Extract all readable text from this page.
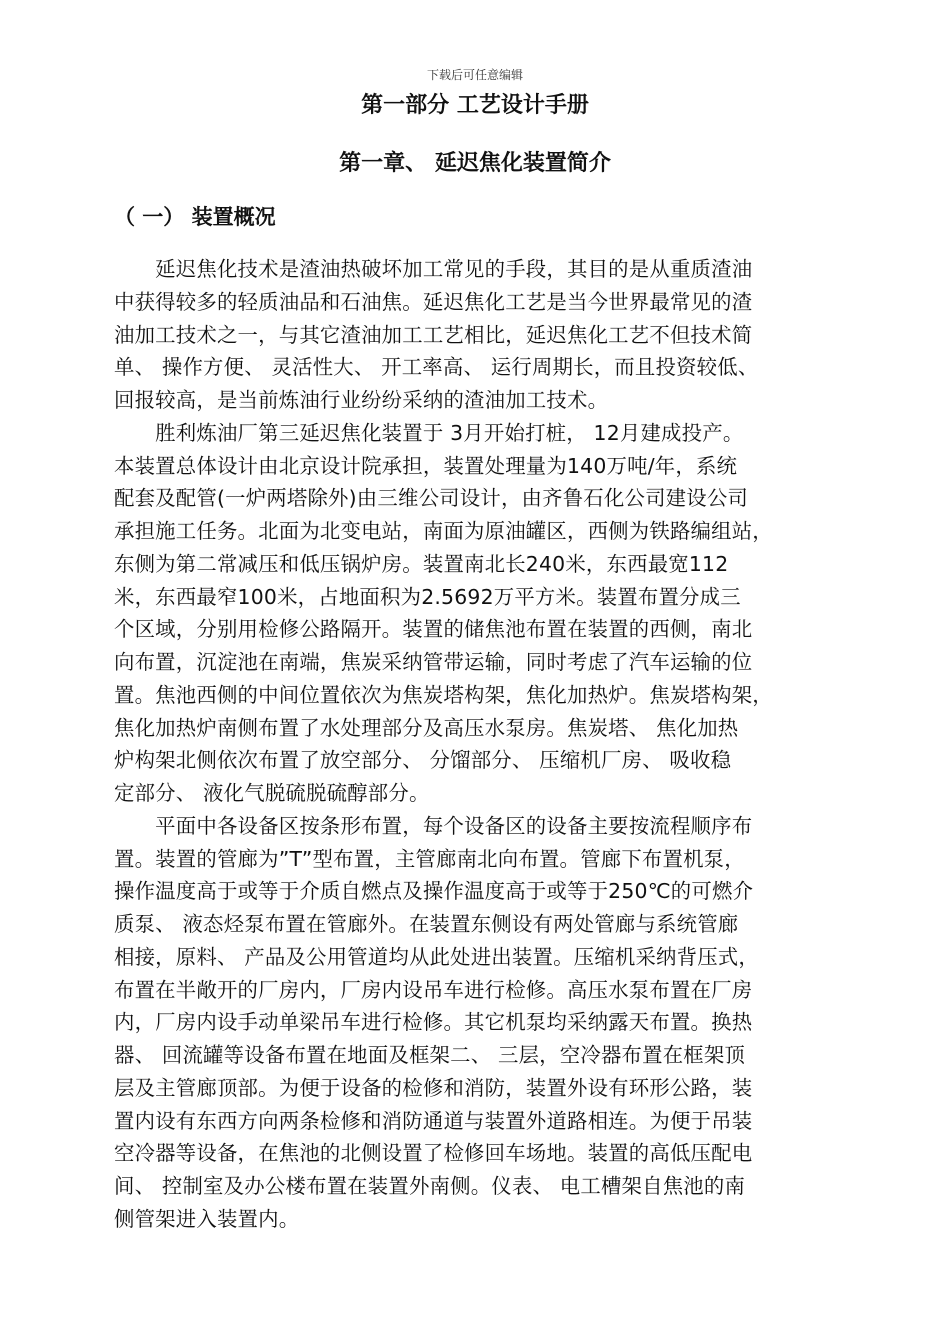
下载后可任意编辑
第一部分 工艺设计手册
第一章、 延迟焦化装置简介
（ 一） 装置概况
　　延迟焦化技术是渣油热破坏加工常见的手段，其目的是从重质渣油
中获得较多的轻质油品和石油焦。延迟焦化工艺是当今世界最常见的渣
油加工技术之一，与其它渣油加工工艺相比，延迟焦化工艺不但技术简
单、 操作方便、 灵活性大、 开工率高、 运行周期长，而且投资较低、
回报较高，是当前炼油行业纷纷采纳的渣油加工技术。
　　胜利炼油厂第三延迟焦化装置于 3月开始打桩， 12月建成投产。
本装置总体设计由北京设计院承担，装置处理量为140万吨/年，系统
配套及配管(一炉两塔除外)由三维公司设计，由齐鲁石化公司建设公司
承担施工任务。北面为北变电站，南面为原油罐区，西侧为铁路编组站，
东侧为第二常减压和低压锅炉房。装置南北长240米，东西最宽112
米，东西最窄100米，占地面积为2.5692万平方米。装置布置分成三
个区域，分别用检修公路隔开。装置的储焦池布置在装置的西侧，南北
向布置，沉淀池在南端，焦炭采纳管带运输，同时考虑了汽车运输的位
置。焦池西侧的中间位置依次为焦炭塔构架，焦化加热炉。焦炭塔构架，
焦化加热炉南侧布置了水处理部分及高压水泵房。焦炭塔、 焦化加热
炉构架北侧依次布置了放空部分、 分馏部分、 压缩机厂房、 吸收稳
定部分、 液化气脱硫脱硫醇部分。
　　平面中各设备区按条形布置，每个设备区的设备主要按流程顺序布
置。装置的管廊为”T”型布置，主管廊南北向布置。管廊下布置机泵，
操作温度高于或等于介质自燃点及操作温度高于或等于250℃的可燃介
质泵、 液态烃泵布置在管廊外。在装置东侧设有两处管廊与系统管廊
相接，原料、 产品及公用管道均从此处进出装置。压缩机采纳背压式，
布置在半敞开的厂房内，厂房内设吊车进行检修。高压水泵布置在厂房
内，厂房内设手动单梁吊车进行检修。其它机泵均采纳露天布置。换热
器、 回流罐等设备布置在地面及框架二、 三层，空冷器布置在框架顶
层及主管廊顶部。为便于设备的检修和消防，装置外设有环形公路，装
置内设有东西方向两条检修和消防通道与装置外道路相连。为便于吊装
空冷器等设备，在焦池的北侧设置了检修回车场地。装置的高低压配电
间、 控制室及办公楼布置在装置外南侧。仪表、 电工槽架自焦池的南
侧管架进入装置内。
